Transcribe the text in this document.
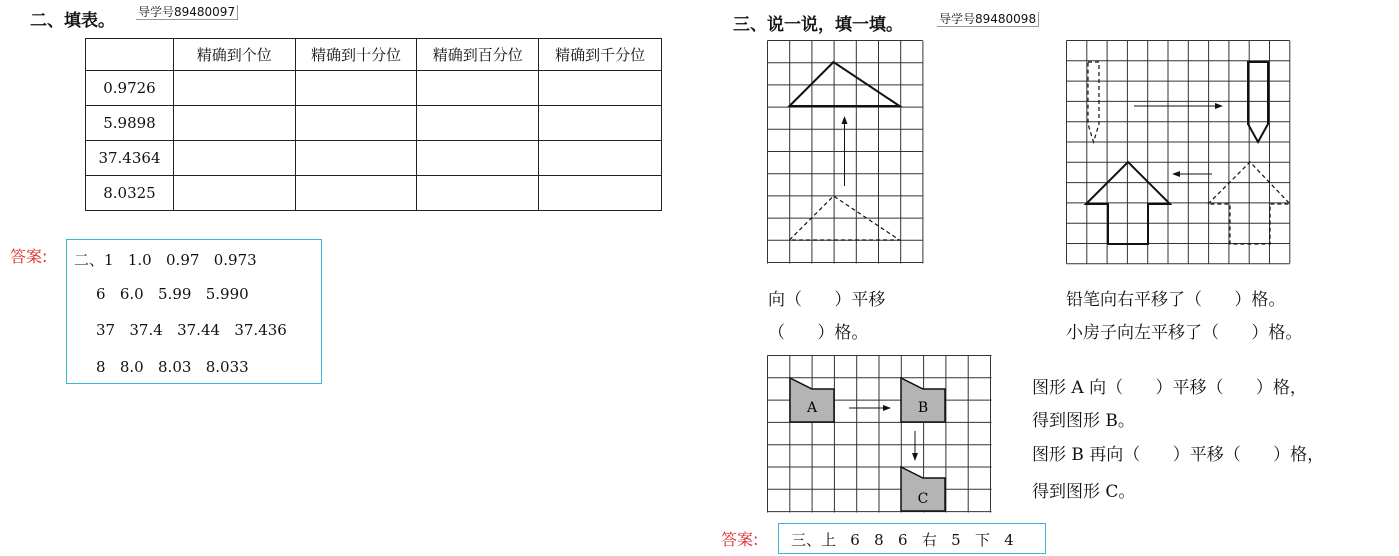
二、填表。 导学号89480097
	精确到个位	精确到十分位	精确到百分位	精确到千分位
0.9726				
5.9898				
37.4364				
8.0325				
答案: 二、1   1.0   0.97   0.973
6   6.0   5.99   5.990
37   37.4   37.44   37.436
8   8.0   8.03   8.033
三、说一说，填一填。	导学号89480098
向（      ）平移
（      ）格。
铅笔向右平移了（      ）格。
小房子向左平移了（      ）格。
A	B
C
图形 A 向（      ）平移（      ）格，
得到图形 B。
图形 B 再向（      ）平移（      ）格，
得到图形 C。
答案: 三、上   6   8   6   右   5   下   4
